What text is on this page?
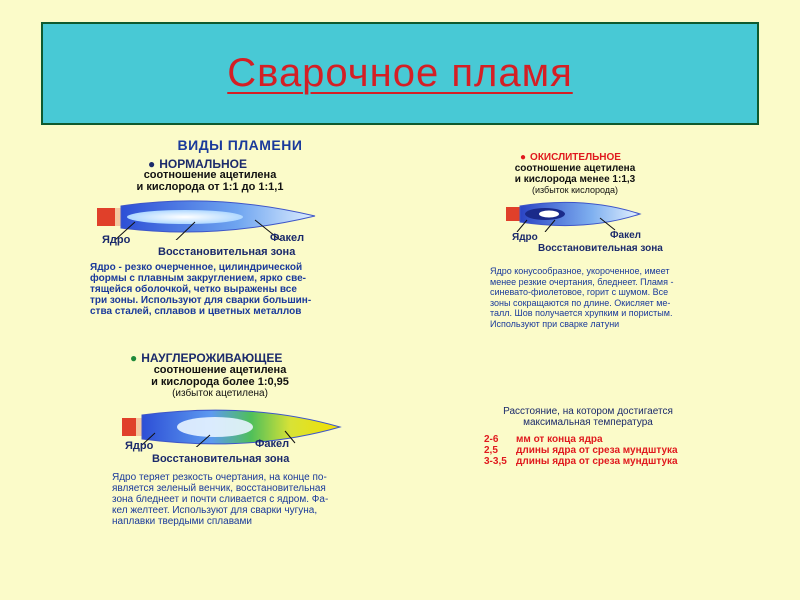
Сварочное пламя
ВИДЫ ПЛАМЕНИ
● НОРМАЛЬНОЕ
соотношение ацетилена
и кислорода от 1:1 до 1:1,1
Ядро	Факел
Восстановительная зона
Ядро - резко очерченное, цилиндрической
формы с плавным закруглением, ярко све-
тящейся оболочкой, четко выражены все
три зоны. Используют для сварки большин-
ства сталей, сплавов и цветных металлов
● ОКИСЛИТЕЛЬНОЕ
соотношение ацетилена
и кислорода менее 1:1,3
(избыток кислорода)
Ядро	Факел
Восстановительная зона
Ядро конусообразное, укороченное, имеет
менее резкие очертания, бледнеет. Пламя -
синевато-фиолетовое, горит с шумом. Все
зоны сокращаются по длине. Окисляет ме-
талл. Шов получается хрупким и пористым.
Используют при сварке латуни
● НАУГЛЕРОЖИВАЮЩЕЕ
соотношение ацетилена
и кислорода более 1:0,95
(избыток ацетилена)
Ядро	Факел
Восстановительная зона
Ядро теряет резкость очертания, на конце по-
является зеленый венчик, восстановительная
зона бледнеет и почти сливается с ядром. Фа-
кел желтеет. Используют для сварки чугуна,
наплавки твердыми сплавами
Расстояние, на котором достигается
максимальная температура
2-6	мм от конца ядра
2,5	длины ядра от среза мундштука
3-3,5 длины ядра от среза мундштука
